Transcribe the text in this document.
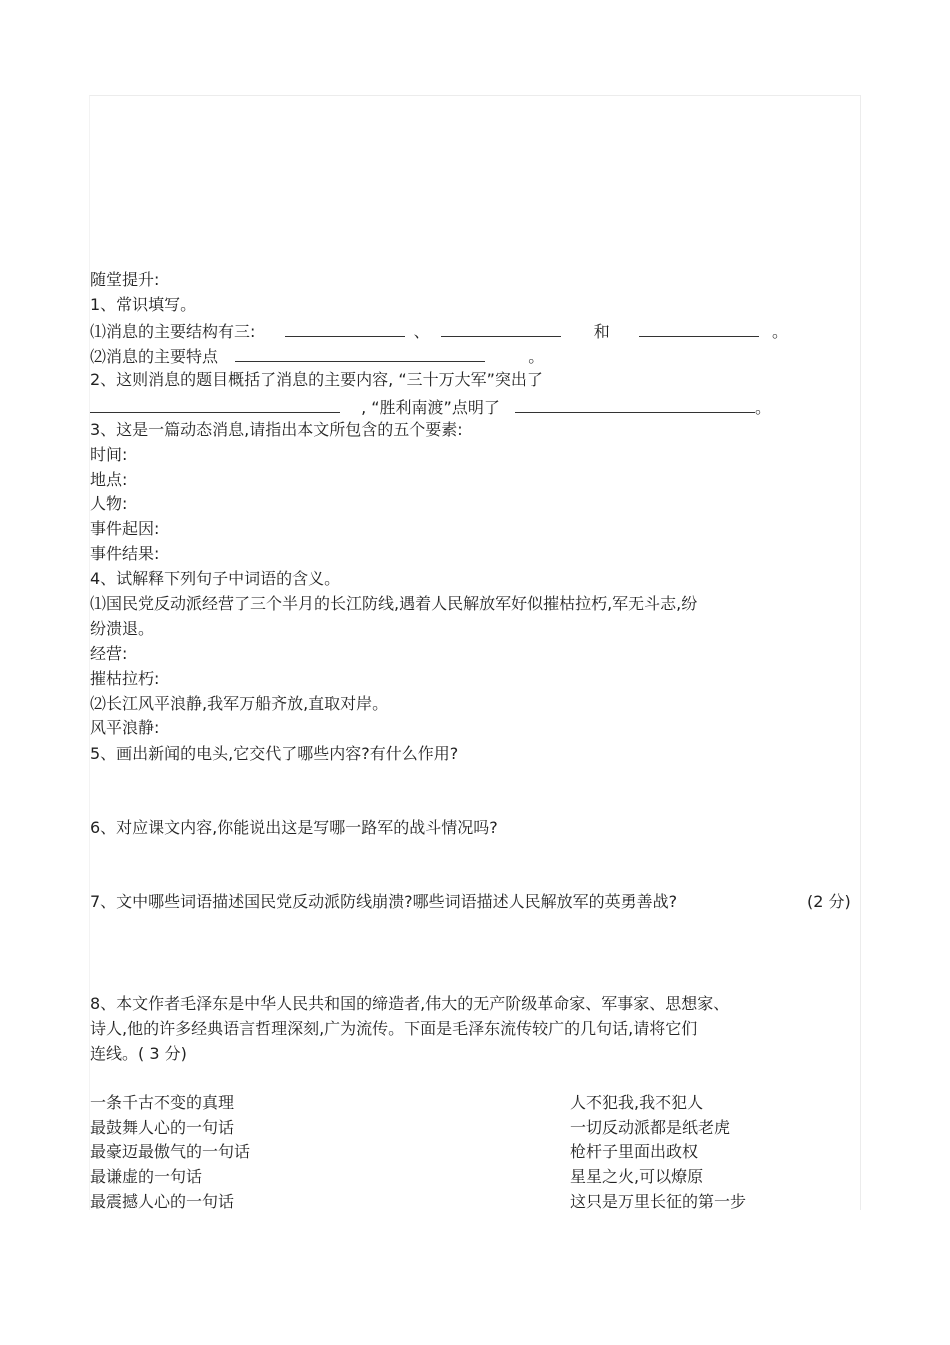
随堂提升:
1、常识填写。
⑴消息的主要结构有三:	、	和	。
⑵消息的主要特点	。
2、这则消息的题目概括了消息的主要内容, “三十万大军”突出了
, “胜利南渡”点明了	。
3、这是一篇动态消息,请指出本文所包含的五个要素:
时间:
地点:
人物:
事件起因:
事件结果:
4、试解释下列句子中词语的含义。
⑴国民党反动派经营了三个半月的长江防线,遇着人民解放军好似摧枯拉朽,军无斗志,纷
纷溃退。
经营:
摧枯拉朽:
⑵长江风平浪静,我军万船齐放,直取对岸。
风平浪静:
5、画出新闻的电头,它交代了哪些内容?有什么作用?
6、对应课文内容,你能说出这是写哪一路军的战斗情况吗?
7、文中哪些词语描述国民党反动派防线崩溃?哪些词语描述人民解放军的英勇善战?	(2 分)
8、本文作者毛泽东是中华人民共和国的缔造者,伟大的无产阶级革命家、军事家、思想家、
诗人,他的许多经典语言哲理深刻,广为流传。下面是毛泽东流传较广的几句话,请将它们
连线。( 3 分)
一条千古不变的真理
最鼓舞人心的一句话
最豪迈最傲气的一句话
最谦虚的一句话
最震撼人心的一句话
人不犯我,我不犯人
一切反动派都是纸老虎
枪杆子里面出政权
星星之火,可以燎原
这只是万里长征的第一步
